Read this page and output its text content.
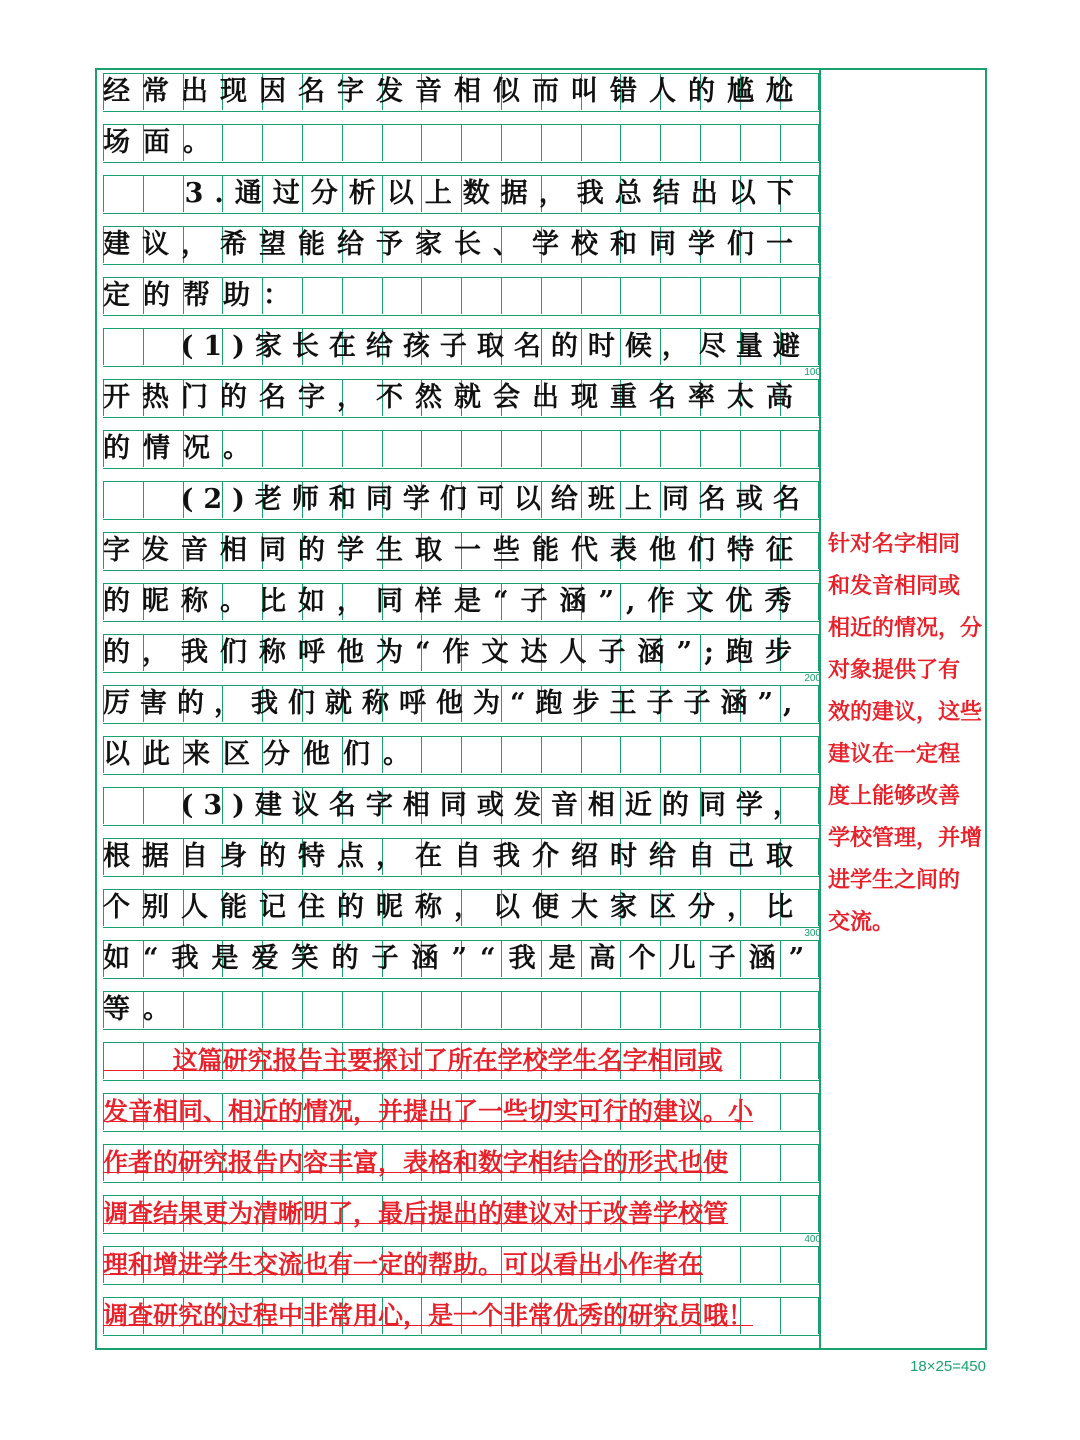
经常出现因名字发音相似而叫错人的尴尬
场面。
3.通过分析以上数据，我总结出以下
建议，希望能给予家长、学校和同学们一
定的帮助：
(1)家长在给孩子取名的时候，尽量避
100
开热门的名字，不然就会出现重名率太高
的情况。
(2)老师和同学们可以给班上同名或名
字发音相同的学生取一些能代表他们特征
的昵称。比如，同样是“子涵”,作文优秀
的，我们称呼他为“作文达人子涵”;跑步
200
厉害的，我们就称呼他为“跑步王子子涵”,
以此来区分他们。
(3)建议名字相同或发音相近的同学，
根据自身的特点，在自我介绍时给自己取
个别人能记住的昵称，以便大家区分，比
300
如“我是爱笑的子涵”“我是高个儿子涵”
等。
这篇研究报告主要探讨了所在学校学生名字相同或
发音相同、相近的情况，并提出了一些切实可行的建议。小
作者的研究报告内容丰富，表格和数字相结合的形式也使
调查结果更为清晰明了，最后提出的建议对于改善学校管
400
理和增进学生交流也有一定的帮助。可以看出小作者在
调查研究的过程中非常用心，是一个非常优秀的研究员哦！
针对名字相同
和发音相同或
相近的情况，分
对象提供了有
效的建议，这些
建议在一定程
度上能够改善
学校管理，并增
进学生之间的
交流。
18×25=450
